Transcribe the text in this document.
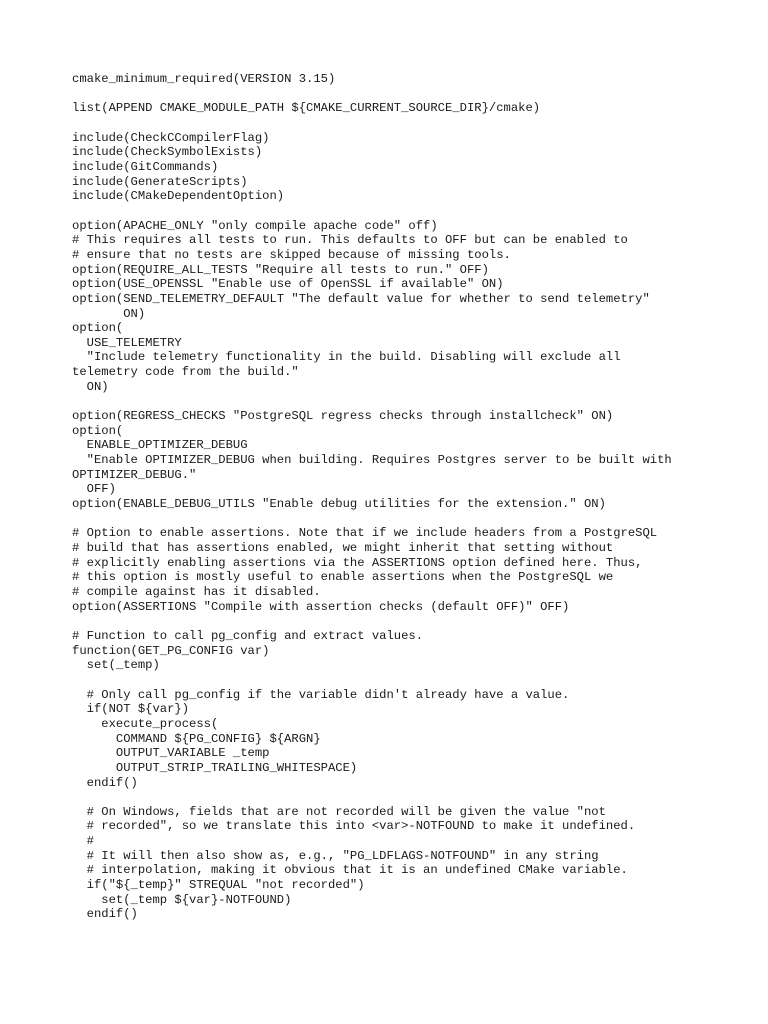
cmake_minimum_required(VERSION 3.15)
list(APPEND CMAKE_MODULE_PATH ${CMAKE_CURRENT_SOURCE_DIR}/cmake)
include(CheckCCompilerFlag)
include(CheckSymbolExists)
include(GitCommands)
include(GenerateScripts)
include(CMakeDependentOption)
option(APACHE_ONLY "only compile apache code" off)
# This requires all tests to run. This defaults to OFF but can be enabled to
# ensure that no tests are skipped because of missing tools.
option(REQUIRE_ALL_TESTS "Require all tests to run." OFF)
option(USE_OPENSSL "Enable use of OpenSSL if available" ON)
option(SEND_TELEMETRY_DEFAULT "The default value for whether to send telemetry"
ON)
option(
USE_TELEMETRY
"Include telemetry functionality in the build. Disabling will exclude all
telemetry code from the build."
ON)
option(REGRESS_CHECKS "PostgreSQL regress checks through installcheck" ON)
option(
ENABLE_OPTIMIZER_DEBUG
"Enable OPTIMIZER_DEBUG when building. Requires Postgres server to be built with
OPTIMIZER_DEBUG."
OFF)
option(ENABLE_DEBUG_UTILS "Enable debug utilities for the extension." ON)
# Option to enable assertions. Note that if we include headers from a PostgreSQL
# build that has assertions enabled, we might inherit that setting without
# explicitly enabling assertions via the ASSERTIONS option defined here. Thus,
# this option is mostly useful to enable assertions when the PostgreSQL we
# compile against has it disabled.
option(ASSERTIONS "Compile with assertion checks (default OFF)" OFF)
# Function to call pg_config and extract values.
function(GET_PG_CONFIG var)
set(_temp)
# Only call pg_config if the variable didn't already have a value.
if(NOT ${var})
execute_process(
COMMAND ${PG_CONFIG} ${ARGN}
OUTPUT_VARIABLE _temp
OUTPUT_STRIP_TRAILING_WHITESPACE)
endif()
# On Windows, fields that are not recorded will be given the value "not
# recorded", so we translate this into <var>-NOTFOUND to make it undefined.
#
# It will then also show as, e.g., "PG_LDFLAGS-NOTFOUND" in any string
# interpolation, making it obvious that it is an undefined CMake variable.
if("${_temp}" STREQUAL "not recorded")
set(_temp ${var}-NOTFOUND)
endif()
